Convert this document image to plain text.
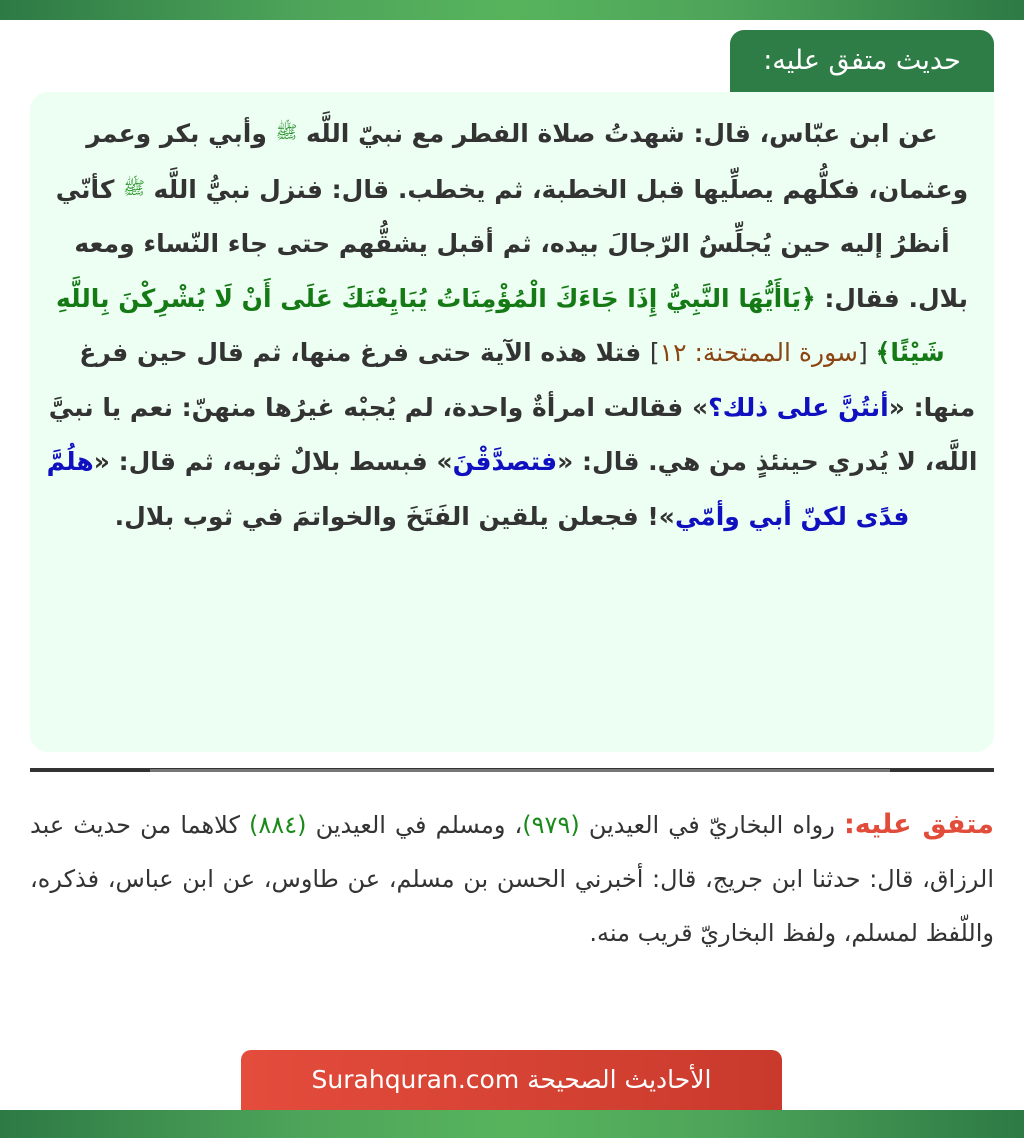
حديث متفق عليه:

عن ابن عبّاس، قال: شهدتُ صلاة الفطر مع نبيّ اللَّه ﷺ وأبي بكر وعمر وعثمان، فكلُّهم يصلِّيها قبل الخطبة، ثم يخطب. قال: فنزل نبيُّ اللَّه ﷺ كأنّي أنظرُ إليه حين يُجلِّسُ الرّجالَ بيده، ثم أقبل يشقُّهم حتى جاء النّساء ومعه بلال. فقال: ﴿يَاأَيُّهَا النَّبِيُّ إِذَا جَاءَكَ الْمُؤْمِنَاتُ يُبَايِعْنَكَ عَلَى أَنْ لَا يُشْرِكْنَ بِاللَّهِ شَيْئًا﴾ [سورة الممتحنة: ١٢] فتلا هذه الآية حتى فرغ منها، ثم قال حين فرغ منها: «أنتُنَّ على ذلك؟» فقالت امرأةٌ واحدة، لم يُجبْه غيرُها منهنّ: نعم يا نبيَّ اللَّه، لا يُدري حينئذٍ من هي. قال: «فتصدَّقْنَ» فبسط بلالٌ ثوبه، ثم قال: «هلُمَّ فدًى لكنّ أبي وأمّي»! فجعلن يلقين الفَتَخَ والخواتمَ في ثوب بلال.

متفق عليه: رواه البخاريّ في العيدين (٩٧٩)، ومسلم في العيدين (٨٨٤) كلاهما من حديث عبد الرزاق، قال: حدثنا ابن جريج، قال: أخبرني الحسن بن مسلم، عن طاوس، عن ابن عباس، فذكره، واللّفظ لمسلم، ولفظ البخاريّ قريب منه.

الأحاديث الصحيحة Surahquran.com
